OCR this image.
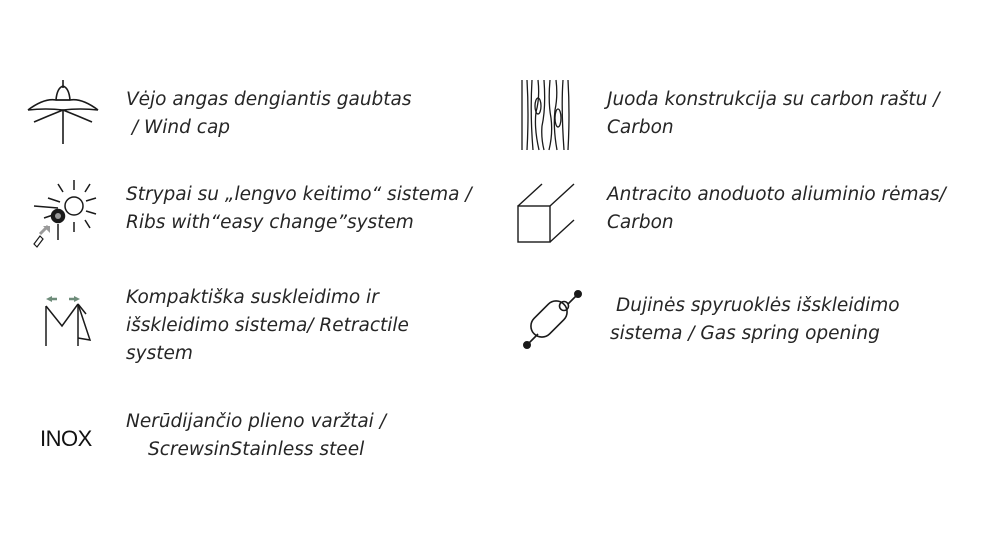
Vėjo angas dengiantis gaubtas
/ Wind cap
Strypai su „lengvo keitimo“ sistema /
Ribs with“easy change”system
Kompaktiška suskleidimo ir
išskleidimo sistema/ Retractile
system
INOX
Nerūdijančio plieno varžtai /
ScrewsinStainless steel
Juoda konstrukcija su carbon raštu /
Carbon
Antracito anoduoto aliuminio rėmas/
Carbon
Dujinės spyruoklės išskleidimo
sistema / Gas spring opening
